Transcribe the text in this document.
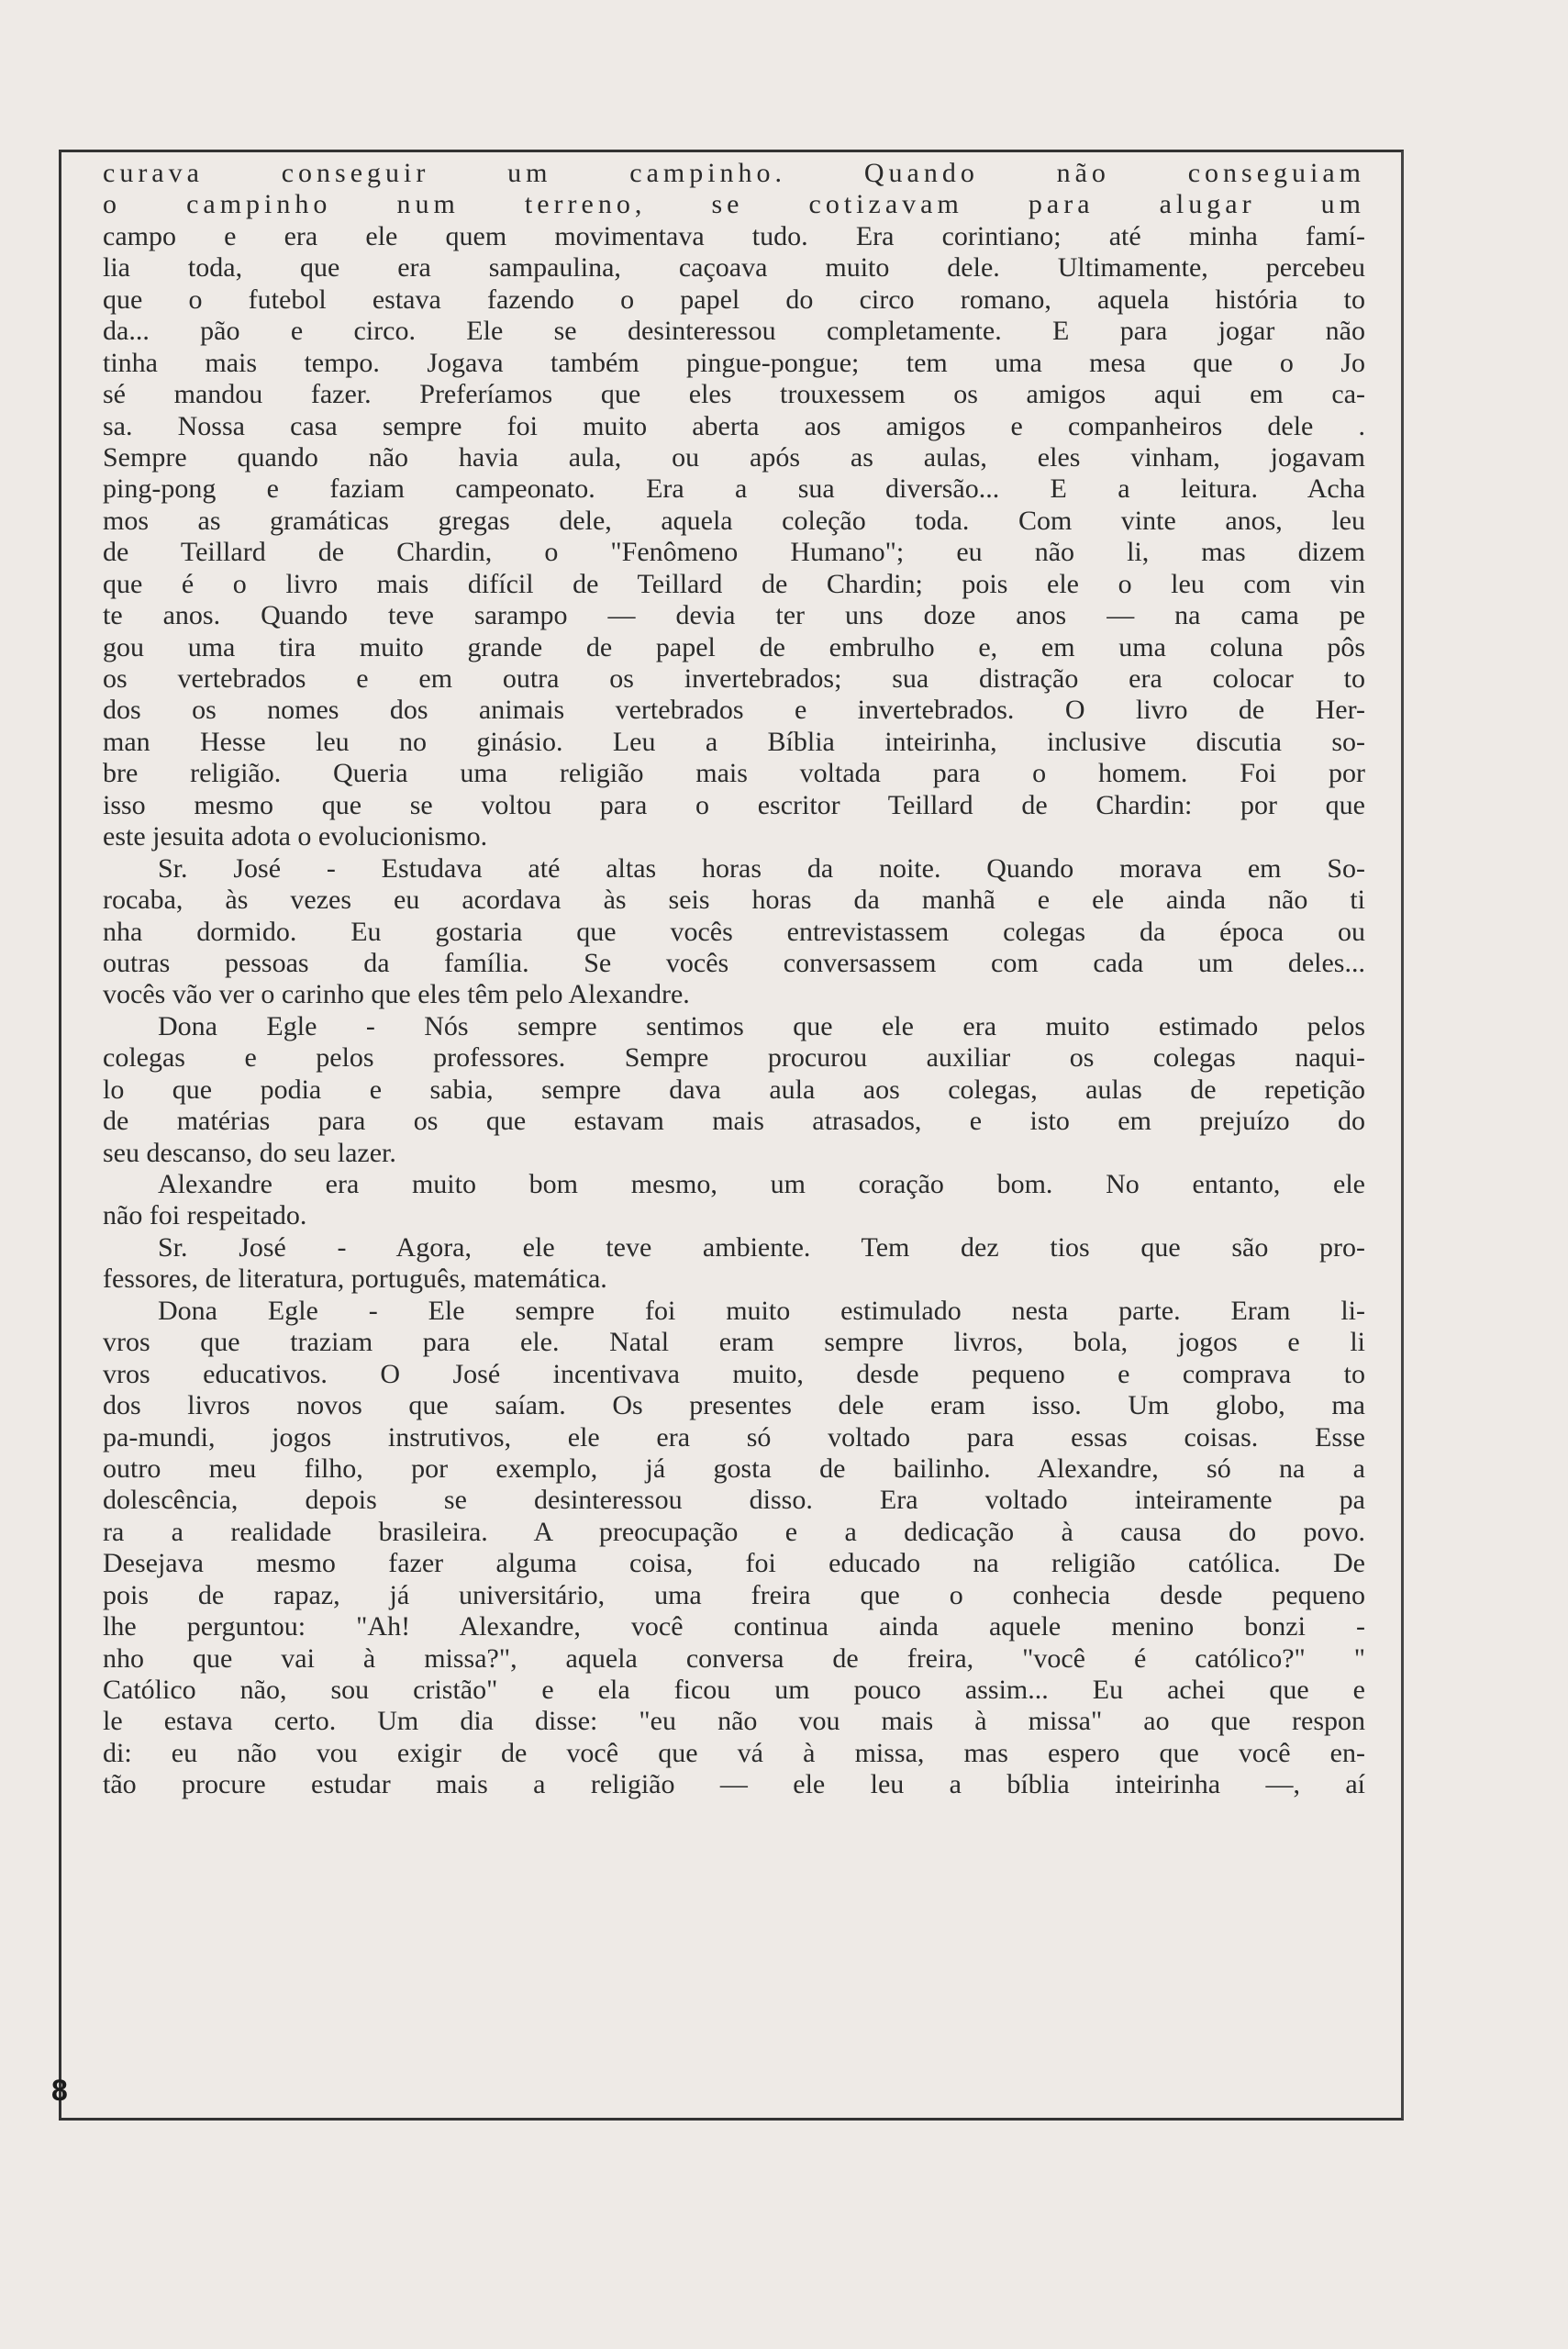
curava conseguir um campinho. Quando não conseguiam
o campinho num terreno, se cotizavam para alugar um
campo e era ele quem movimentava tudo. Era corintiano; até minha famí-
lia toda, que era sampaulina, caçoava muito dele. Ultimamente, percebeu
que o futebol estava fazendo o papel do circo romano, aquela história to
da... pão e circo. Ele se desinteressou completamente. E para jogar não
tinha mais tempo. Jogava também pingue-pongue; tem uma mesa que o Jo
sé mandou fazer. Preferíamos que eles trouxessem os amigos aqui em ca-
sa. Nossa casa sempre foi muito aberta aos amigos e companheiros dele .
Sempre quando não havia aula, ou após as aulas, eles vinham, jogavam
ping-pong e faziam campeonato. Era a sua diversão... E a leitura. Acha
mos as gramáticas gregas dele, aquela coleção toda. Com vinte anos, leu
de Teillard de Chardin, o "Fenômeno Humano"; eu não li, mas dizem
que é o livro mais difícil de Teillard de Chardin; pois ele o leu com vin
te anos. Quando teve sarampo — devia ter uns doze anos — na cama pe
gou uma tira muito grande de papel de embrulho e, em uma coluna pôs
os vertebrados e em outra os invertebrados; sua distração era colocar to
dos os nomes dos animais vertebrados e invertebrados. O livro de Her-
man Hesse leu no ginásio. Leu a Bíblia inteirinha, inclusive discutia so-
bre religião. Queria uma religião mais voltada para o homem. Foi por
isso mesmo que se voltou para o escritor Teillard de Chardin: por que
este jesuita adota o evolucionismo.
Sr. José - Estudava até altas horas da noite. Quando morava em So-
rocaba, às vezes eu acordava às seis horas da manhã e ele ainda não ti
nha dormido. Eu gostaria que vocês entrevistassem colegas da época ou
outras pessoas da família. Se vocês conversassem com cada um deles...
vocês vão ver o carinho que eles têm pelo Alexandre.
Dona Egle - Nós sempre sentimos que ele era muito estimado pelos
colegas e pelos professores. Sempre procurou auxiliar os colegas naqui-
lo que podia e sabia, sempre dava aula aos colegas, aulas de repetição
de matérias para os que estavam mais atrasados, e isto em prejuízo do
seu descanso, do seu lazer.
Alexandre era muito bom mesmo, um coração bom. No entanto, ele
não foi respeitado.
Sr. José - Agora, ele teve ambiente. Tem dez tios que são pro-
fessores, de literatura, português, matemática.
Dona Egle - Ele sempre foi muito estimulado nesta parte. Eram li-
vros que traziam para ele. Natal eram sempre livros, bola, jogos e li
vros educativos. O José incentivava muito, desde pequeno e comprava to
dos livros novos que saíam. Os presentes dele eram isso. Um globo, ma
pa-mundi, jogos instrutivos, ele era só voltado para essas coisas. Esse
outro meu filho, por exemplo, já gosta de bailinho. Alexandre, só na a
dolescência, depois se desinteressou disso. Era voltado inteiramente pa
ra a realidade brasileira. A preocupação e a dedicação à causa do povo.
Desejava mesmo fazer alguma coisa, foi educado na religião católica. De
pois de rapaz, já universitário, uma freira que o conhecia desde pequeno
lhe perguntou: "Ah! Alexandre, você continua ainda aquele menino bonzi -
nho que vai à missa?", aquela conversa de freira, "você é católico?" "
Católico não, sou cristão" e ela ficou um pouco assim... Eu achei que e
le estava certo. Um dia disse: "eu não vou mais à missa" ao que respon
di: eu não vou exigir de você que vá à missa, mas espero que você en-
tão procure estudar mais a religião — ele leu a bíblia inteirinha —, aí
8
